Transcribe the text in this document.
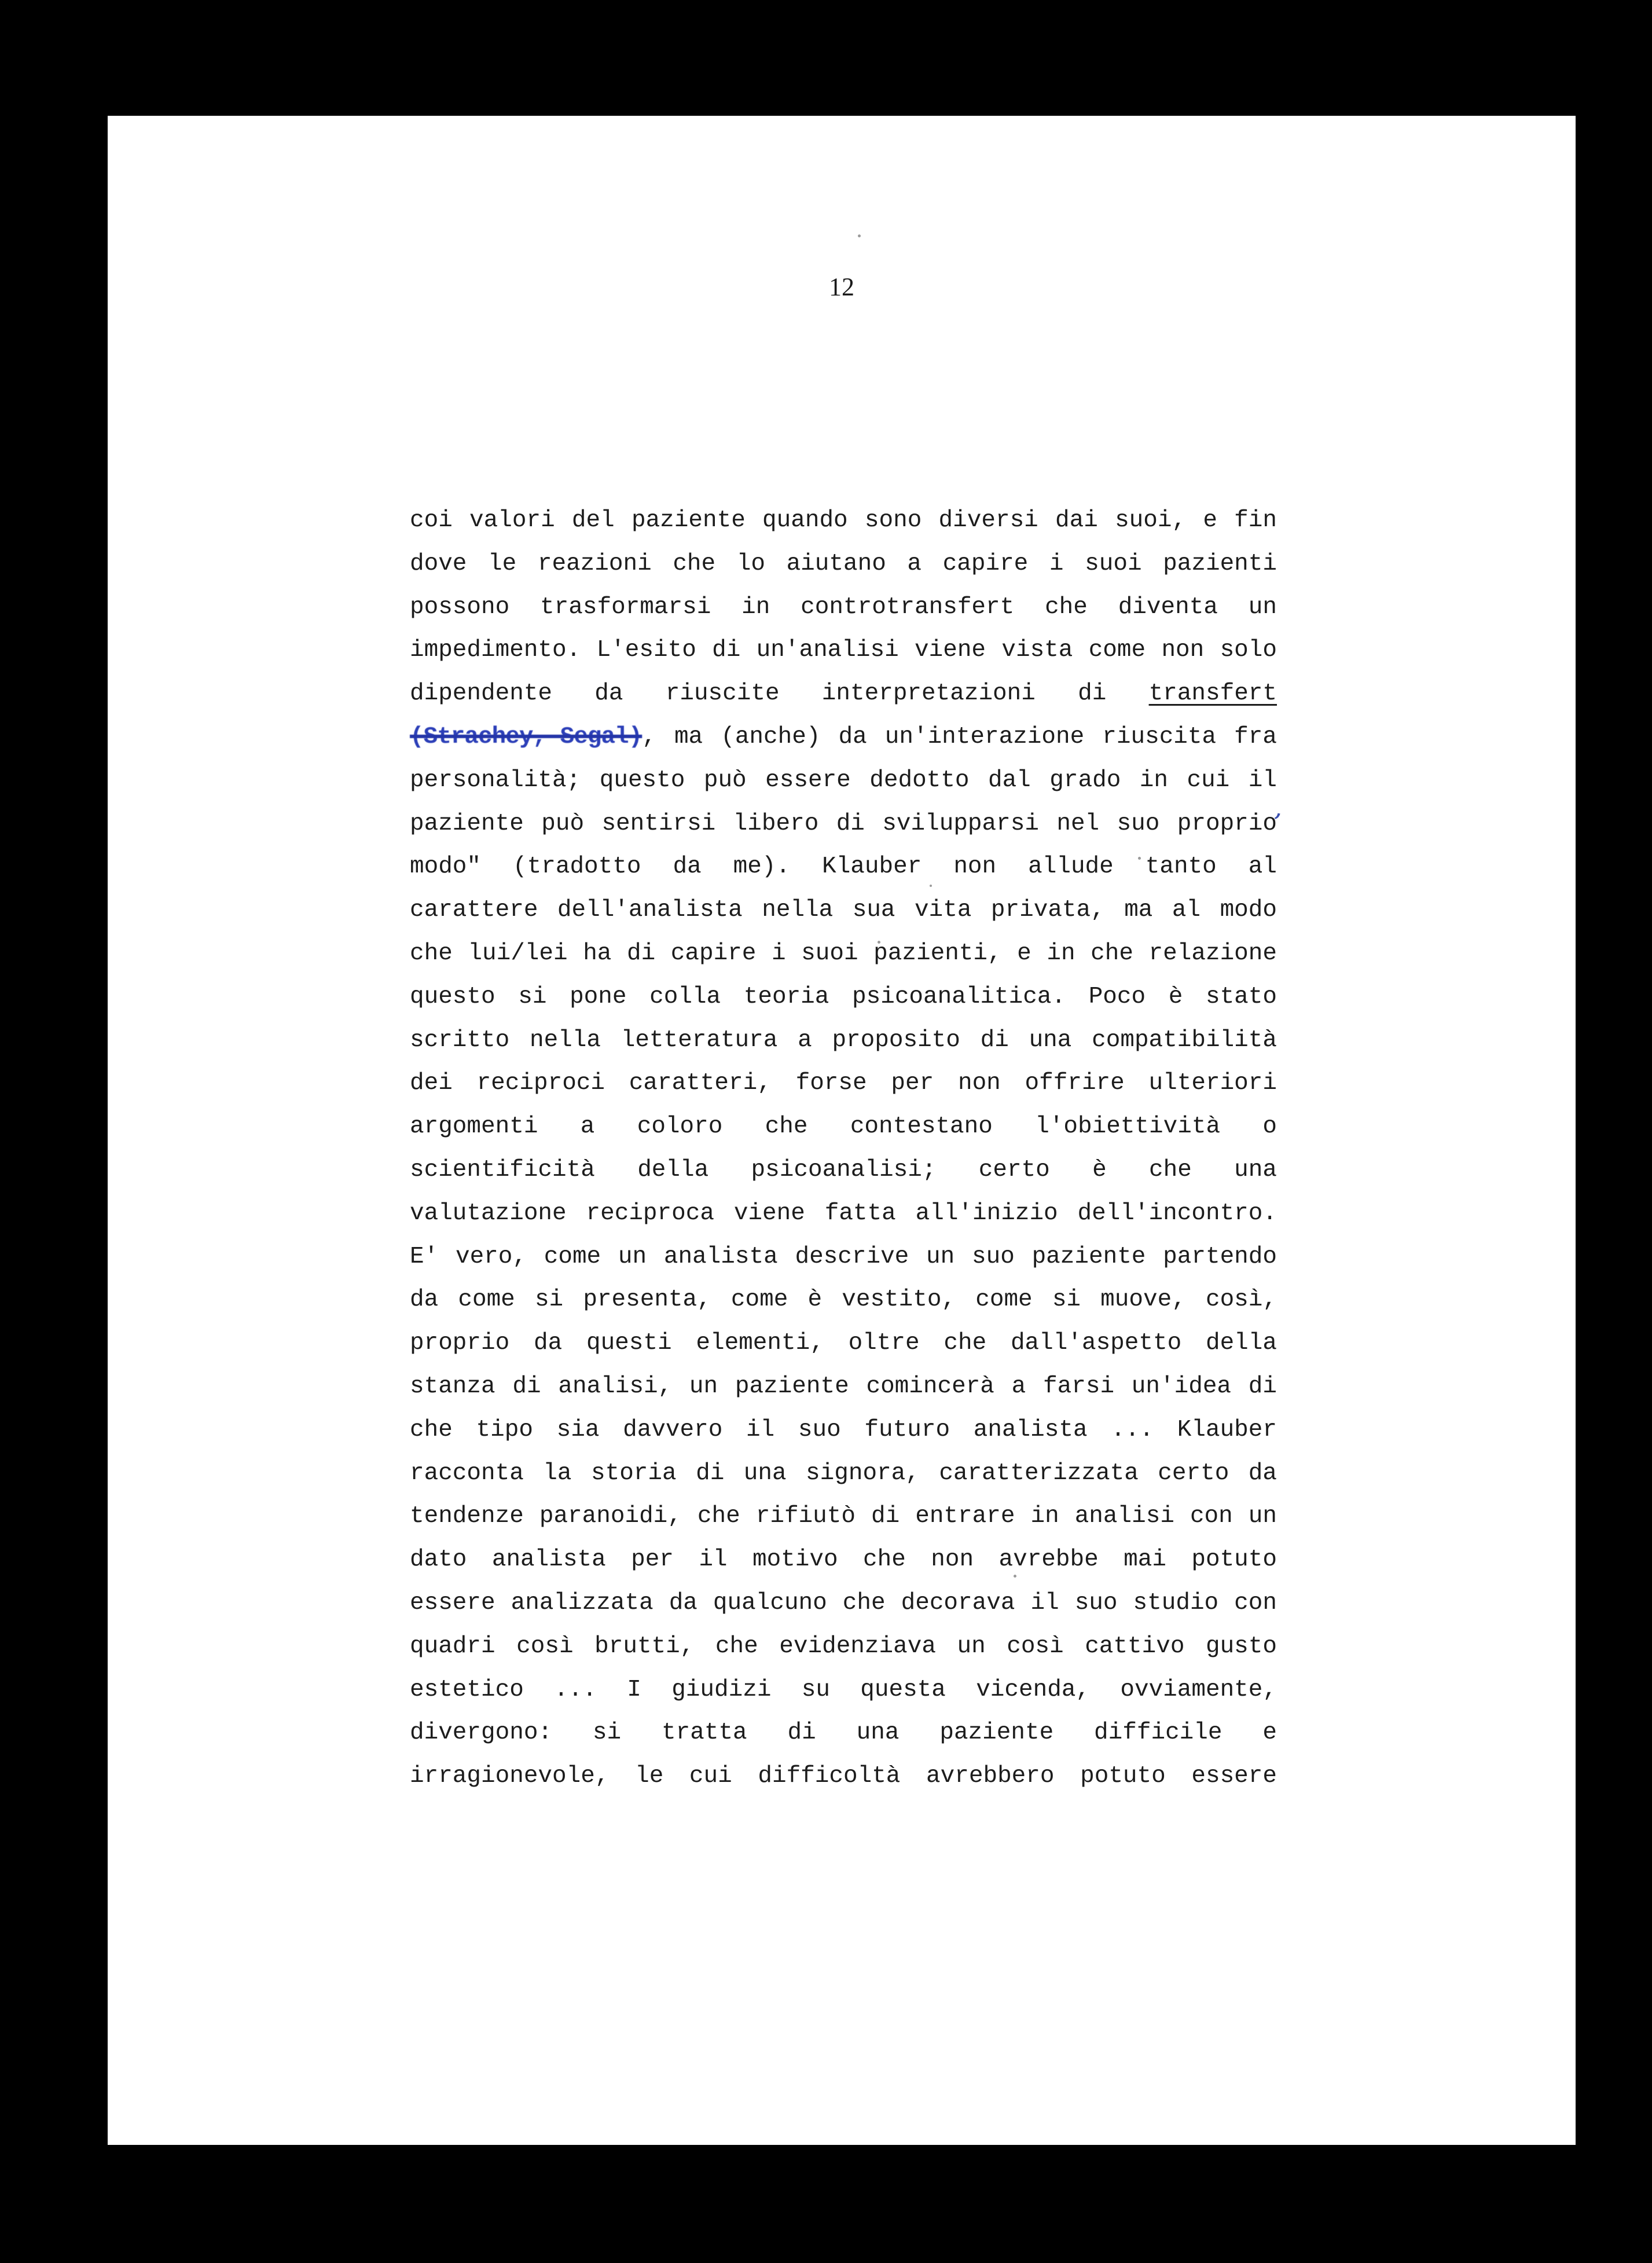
12

,
coi valori del paziente quando sono diversi dai suoi, e fin
dove le reazioni che lo aiutano a capire i suoi pazienti
possono trasformarsi in controtransfert che diventa un
impedimento. L'esito di un'analisi viene vista come non solo
dipendente da riuscite interpretazioni di transfert
(Strachey, Segal), ma (anche) da un'interazione riuscita fra
personalità; questo può essere dedotto dal grado in cui il
paziente può sentirsi libero di svilupparsi nel suo proprio
modo" (tradotto da me). Klauber non allude tanto al
carattere dell'analista nella sua vita privata, ma al modo
che lui/lei ha di capire i suoi pazienti, e in che relazione
questo si pone colla teoria psicoanalitica. Poco è stato
scritto nella letteratura a proposito di una compatibilità
dei reciproci caratteri, forse per non offrire ulteriori
argomenti a coloro che contestano l'obiettività o
scientificità della psicoanalisi; certo è che una
valutazione reciproca viene fatta all'inizio dell'incontro.
E' vero, come un analista descrive un suo paziente partendo
da come si presenta, come è vestito, come si muove, così,
proprio da questi elementi, oltre che dall'aspetto della
stanza di analisi, un paziente comincerà a farsi un'idea di
che tipo sia davvero il suo futuro analista ... Klauber
racconta la storia di una signora, caratterizzata certo da
tendenze paranoidi, che rifiutò di entrare in analisi con un
dato analista per il motivo che non avrebbe mai potuto
essere analizzata da qualcuno che decorava il suo studio con
quadri così brutti, che evidenziava un così cattivo gusto
estetico ... I giudizi su questa vicenda, ovviamente,
divergono: si tratta di una paziente difficile e
irragionevole, le cui difficoltà avrebbero potuto essere
